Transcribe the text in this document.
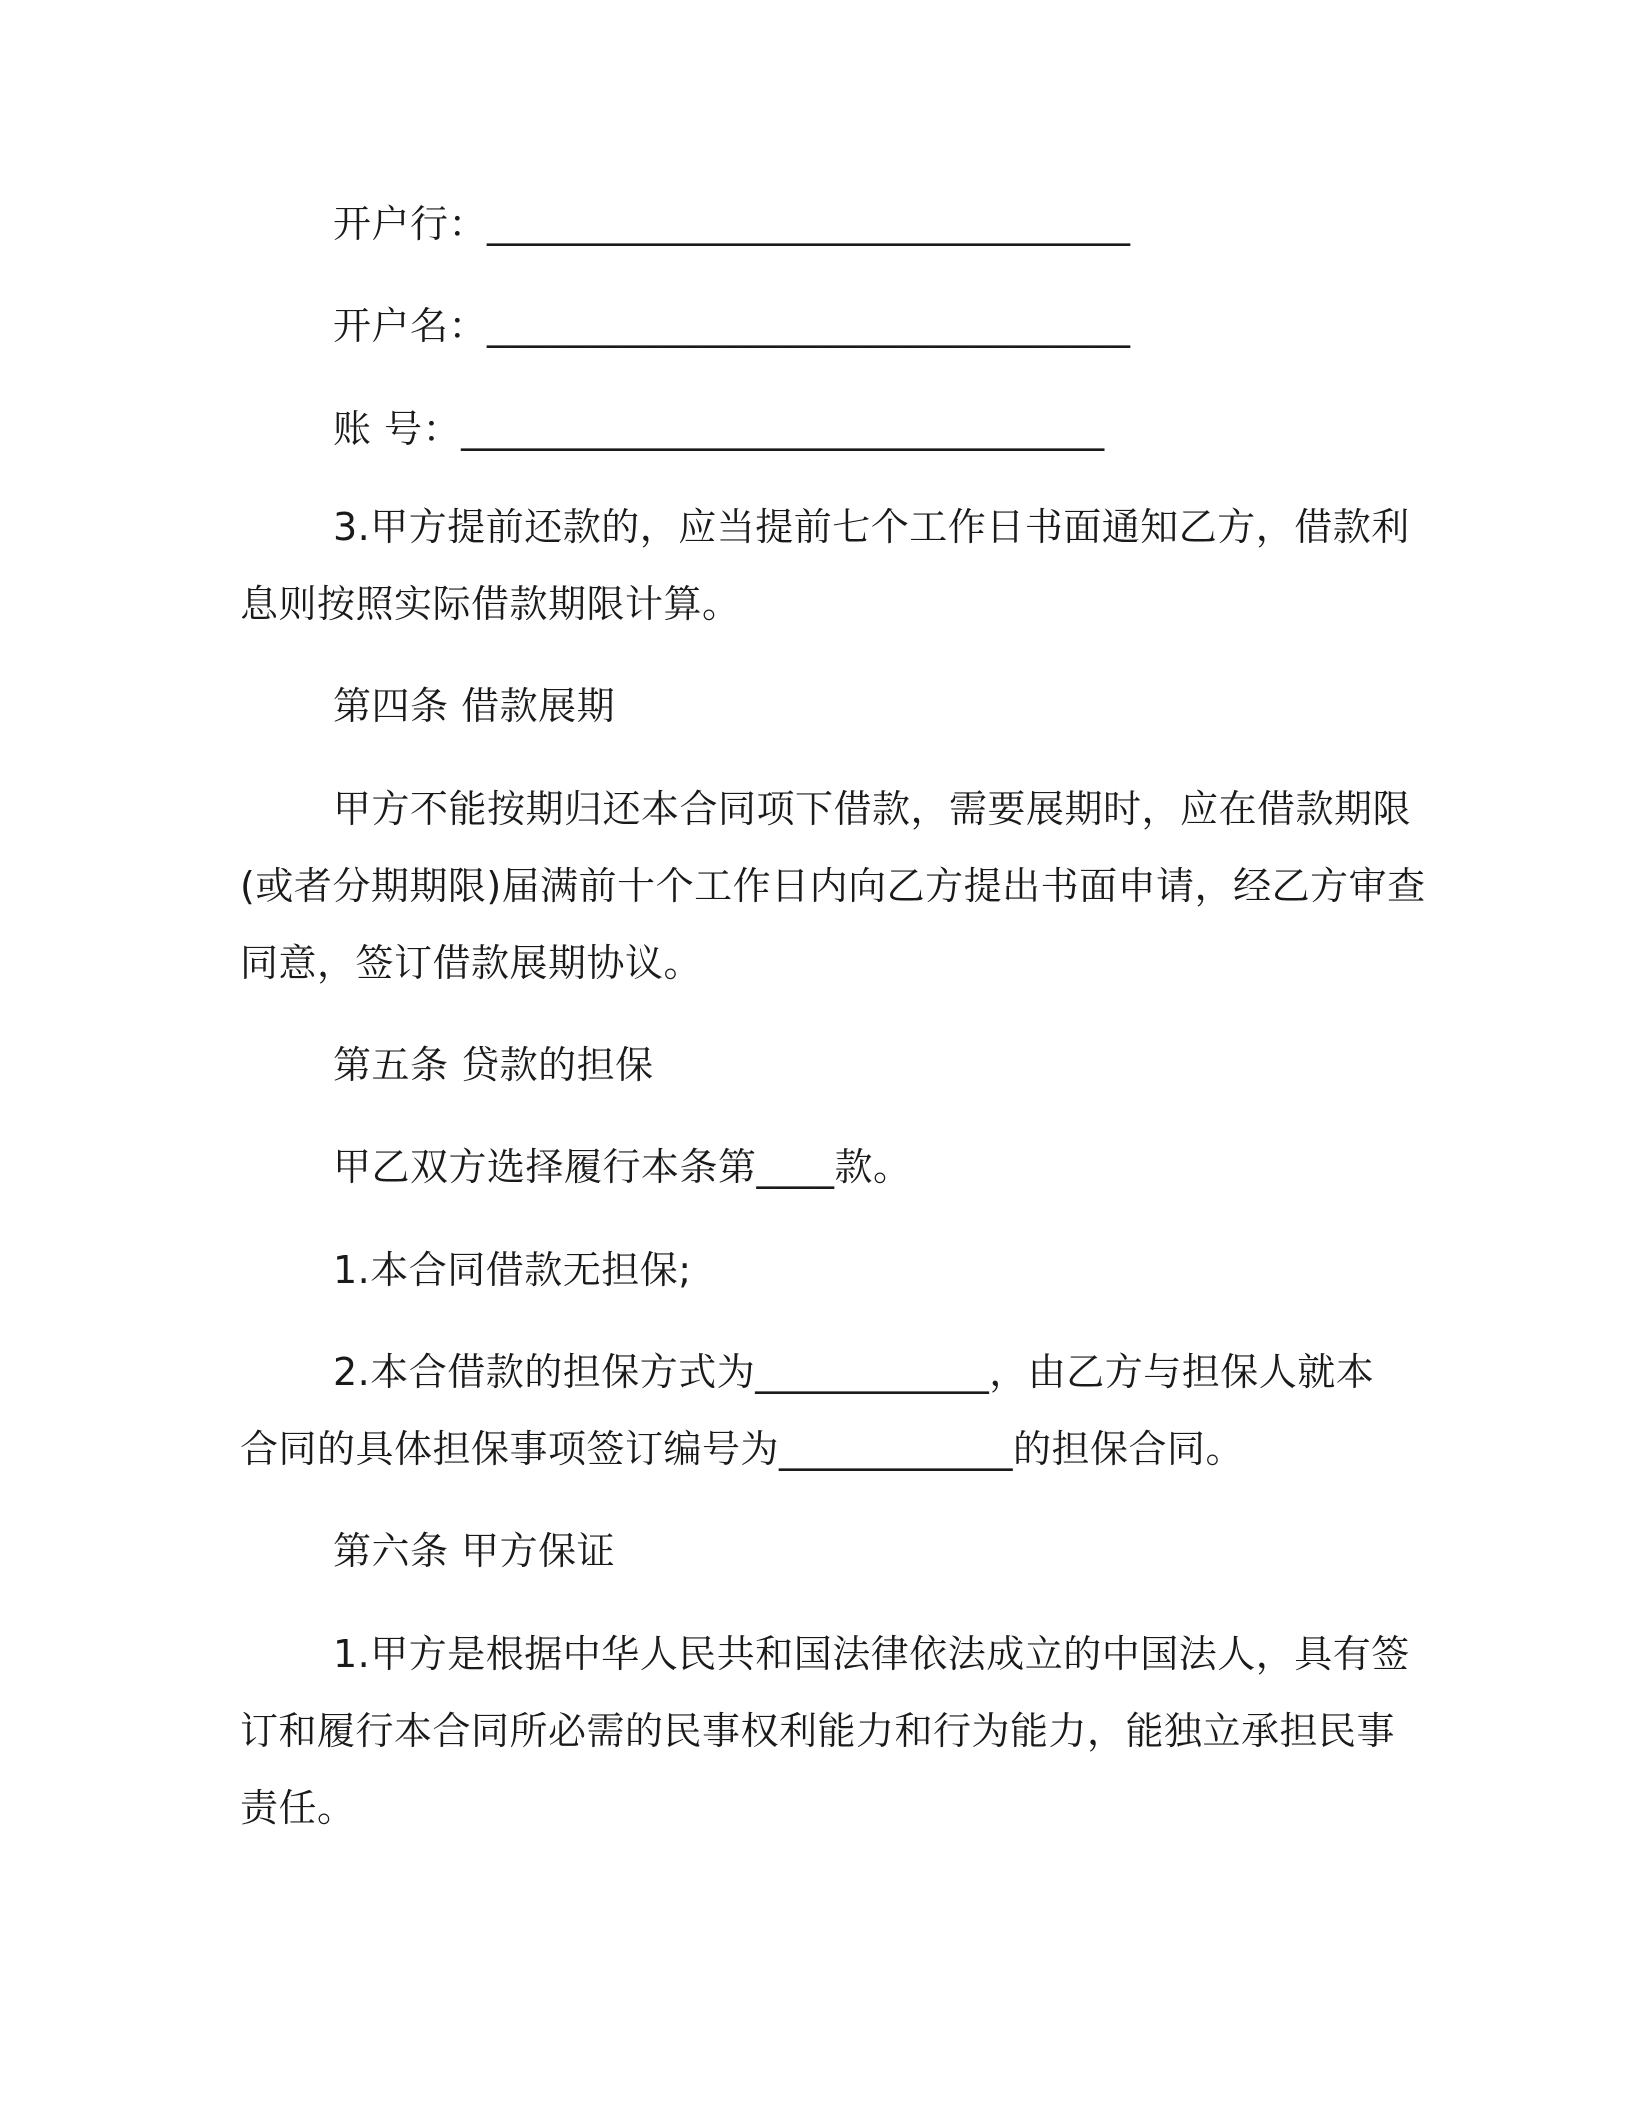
开户行：_________________________________
开户名：_________________________________
账 号：_________________________________
3.甲方提前还款的，应当提前七个工作日书面通知乙方，借款利
息则按照实际借款期限计算。
第四条 借款展期
甲方不能按期归还本合同项下借款，需要展期时，应在借款期限
(或者分期期限)届满前十个工作日内向乙方提出书面申请，经乙方审查
同意，签订借款展期协议。
第五条 贷款的担保
甲乙双方选择履行本条第____款。
1.本合同借款无担保;
2.本合借款的担保方式为____________，由乙方与担保人就本
合同的具体担保事项签订编号为____________的担保合同。
第六条 甲方保证
1.甲方是根据中华人民共和国法律依法成立的中国法人，具有签
订和履行本合同所必需的民事权利能力和行为能力，能独立承担民事
责任。
